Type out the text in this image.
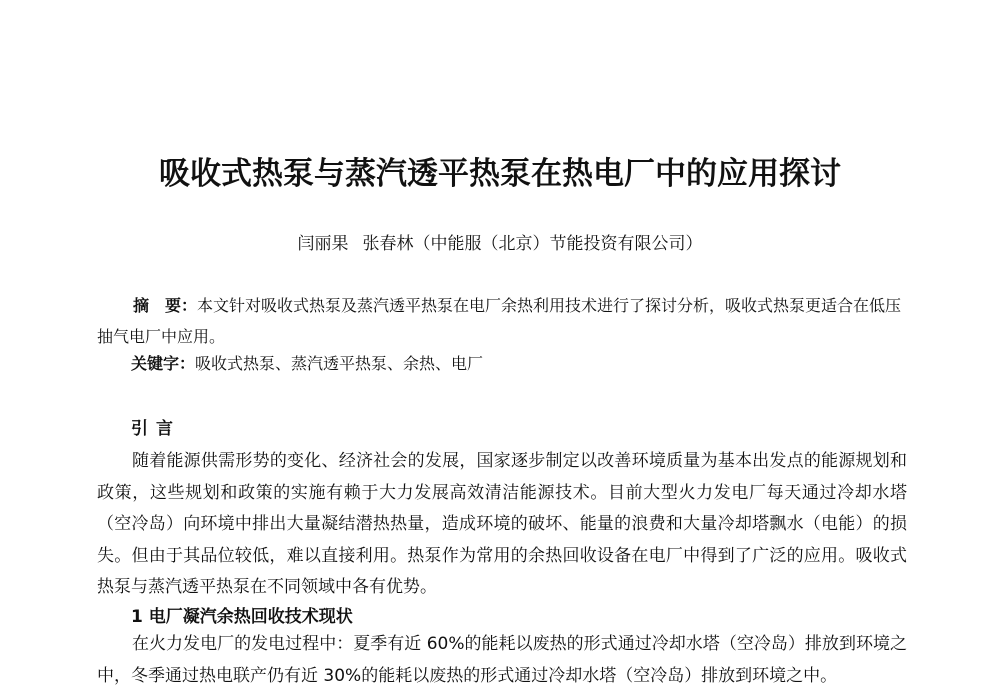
吸收式热泵与蒸汽透平热泵在热电厂中的应用探讨
闫丽果 张春林（中能服（北京）节能投资有限公司）
摘　要：本文针对吸收式热泵及蒸汽透平热泵在电厂余热利用技术进行了探讨分析，吸收式热泵更适合在低压抽气电厂中应用。
关键字：吸收式热泵、蒸汽透平热泵、余热、电厂
引言
随着能源供需形势的变化、经济社会的发展，国家逐步制定以改善环境质量为基本出发点的能源规划和政策，这些规划和政策的实施有赖于大力发展高效清洁能源技术。目前大型火力发电厂每天通过冷却水塔（空冷岛）向环境中排出大量凝结潜热热量，造成环境的破坏、能量的浪费和大量冷却塔飘水（电能）的损失。但由于其品位较低，难以直接利用。热泵作为常用的余热回收设备在电厂中得到了广泛的应用。吸收式热泵与蒸汽透平热泵在不同领域中各有优势。
1 电厂凝汽余热回收技术现状
在火力发电厂的发电过程中：夏季有近 60%的能耗以废热的形式通过冷却水塔（空冷岛）排放到环境之中，冬季通过热电联产仍有近 30%的能耗以废热的形式通过冷却水塔（空冷岛）排放到环境之中。
